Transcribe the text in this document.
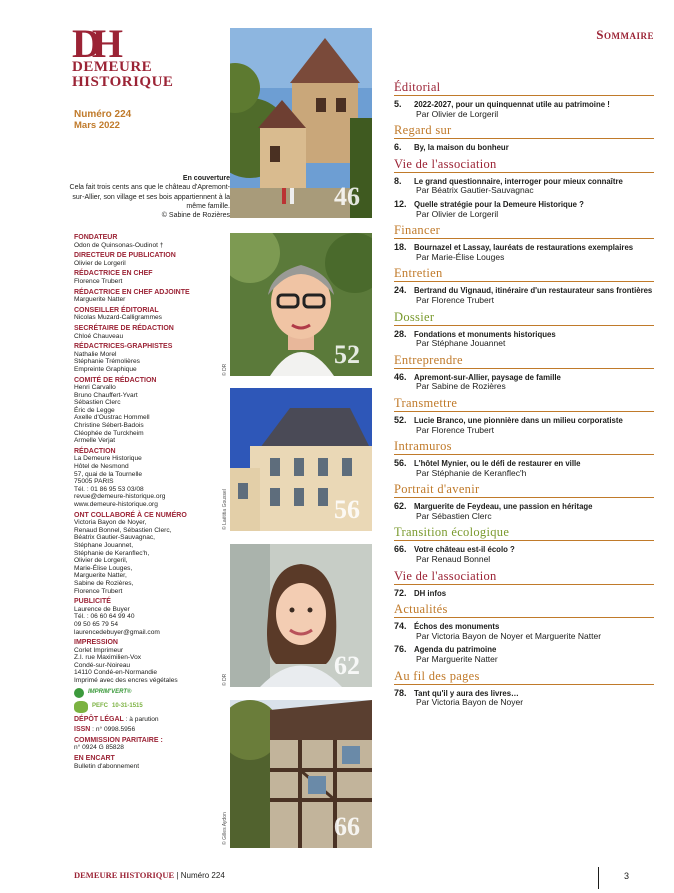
DH
DEMEURE
HISTORIQUE
Numéro 224
Mars 2022
En couverture
Cela fait trois cents ans que le château d'Apremont-sur-Allier, son village et ses bois appartiennent à la même famille.
© Sabine de Rozières
46
52
© DR
56
© Laëtitia Goussel
62
© DR
66
© Gilles Aydon
FONDATEUR
Odon de Quinsonas-Oudinot †
DIRECTEUR DE PUBLICATION
Olivier de Lorgeril
RÉDACTRICE EN CHEF
Florence Trubert
RÉDACTRICE EN CHEF ADJOINTE
Marguerite Natter
CONSEILLER ÉDITORIAL
Nicolas Muzard-Calligrammes
SECRÉTAIRE DE RÉDACTION
Chloé Chauveau
RÉDACTRICES-GRAPHISTES
Nathalie Morel
Stéphanie Trémolières
Empreinte Graphique
COMITÉ DE RÉDACTION
Henri Carvallo
Bruno Chauffert-Yvart
Sébastien Clerc
Éric de Legge
Axelle d'Oustrac Hommell
Christine Sébert-Badois
Cléophée de Turckheim
Armelle Verjat
RÉDACTION
La Demeure Historique
Hôtel de Nesmond
57, quai de la Tournelle
75005 PARIS
Tél. : 01 86 95 53 03/08
revue@demeure-historique.org
www.demeure-historique.org
ONT COLLABORÉ À CE NUMÉRO
Victoria Bayon de Noyer,
Renaud Bonnel, Sébastien Clerc,
Béatrix Gautier-Sauvagnac,
Stéphane Jouannet,
Stéphanie de Keranflec'h,
Olivier de Lorgeril,
Marie-Élise Louges,
Marguerite Natter,
Sabine de Rozières,
Florence Trubert
PUBLICITÉ
Laurence de Buyer
Tél. : 06 60 64 99 40
09 50 65 79 54
laurencedebuyer@gmail.com
IMPRESSION
Corlet Imprimeur
Z.I. rue Maximilien-Vox
Condé-sur-Noireau
14110 Condé-en-Normandie
Imprimé avec des encres végétales
IMPRIM'VERT®
PEFC 10-31-1515
DÉPÔT LÉGAL : à parution
ISSN : n° 0998.5956
COMMISSION PARITAIRE :
n° 0924 G 85828
EN ENCART
Bulletin d'abonnement
Sommaire
Éditorial
5.	2022-2027, pour un quinquennat utile au patrimoine !
Par Olivier de Lorgeril
Regard sur
6.	By, la maison du bonheur
Vie de l'association
8.	Le grand questionnaire, interroger pour mieux connaître
Par Béatrix Gautier-Sauvagnac
12. Quelle stratégie pour la Demeure Historique ?
Par Olivier de Lorgeril
Financer
18. Bournazel et Lassay, lauréats de restaurations exemplaires
Par Marie-Élise Louges
Entretien
24. Bertrand du Vignaud, itinéraire d'un restaurateur sans frontières
Par Florence Trubert
Dossier
28. Fondations et monuments historiques
Par Stéphane Jouannet
Entreprendre
46. Apremont-sur-Allier, paysage de famille
Par Sabine de Rozières
Transmettre
52. Lucie Branco, une pionnière dans un milieu corporatiste
Par Florence Trubert
Intramuros
56. L'hôtel Mynier, ou le défi de restaurer en ville
Par Stéphanie de Keranflec'h
Portrait d'avenir
62. Marguerite de Feydeau, une passion en héritage
Par Sébastien Clerc
Transition écologique
66. Votre château est-il écolo ?
Par Renaud Bonnel
Vie de l'association
72. DH infos
Actualités
74. Échos des monuments
Par Victoria Bayon de Noyer et Marguerite Natter
76. Agenda du patrimoine
Par Marguerite Natter
Au fil des pages
78. Tant qu'il y aura des livres…
Par Victoria Bayon de Noyer
DEMEURE HISTORIQUE | Numéro 224	3
